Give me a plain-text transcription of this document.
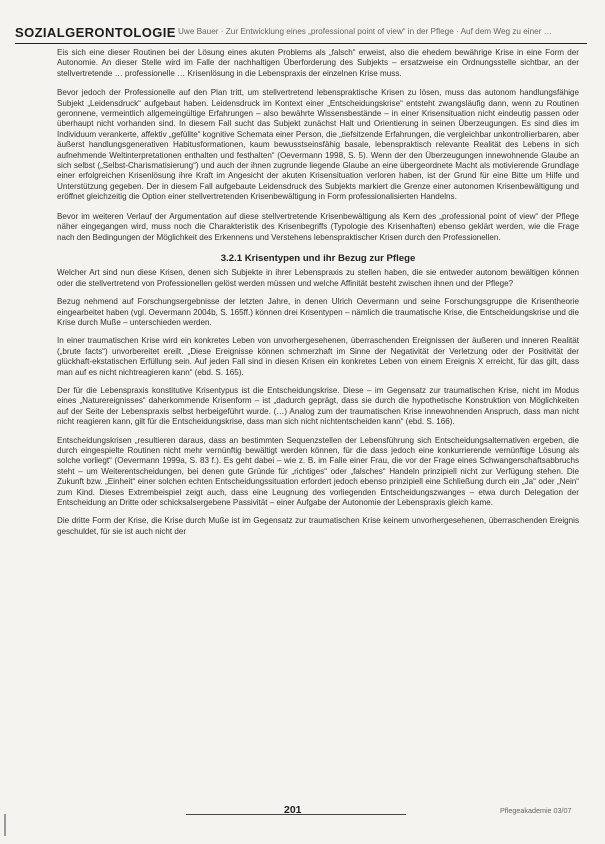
SOZIALGERONTOLOGIE Uwe Bauer · Zur Entwicklung eines „professional point of view“ in der Pflege · Auf dem Weg zu einer …

Eis sich eine dieser Routinen bei der Lösung eines akuten Problems als „falsch“ erweist, also die ehedem bewährige Krise in eine Form der Autonomie. An dieser Stelle wird im Falle der nachhaltigen Überforderung des Subjekts – ersatzweise ein Ordnungsstelle sichtbar, an der stellvertretende … professionelle … Krisenlösung in die Lebenspraxis der einzelnen Krise muss.

Bevor jedoch der Professionelle auf den Plan tritt, um stellvertretend lebenspraktische Krisen zu lösen, muss das autonom handlungsfähige Subjekt „Leidensdruck“ aufgebaut haben. Leidensdruck im Kontext einer „Entscheidungskrise“ entsteht zwangsläufig dann, wenn zu Routinen geronnene, vermeintlich allgemeingültige Erfahrungen – also bewährte Wissensbestände – in einer Krisensituation nicht eindeutig passen oder überhaupt nicht vorhanden sind. In diesem Fall sucht das Subjekt zunächst Halt und Orientierung in seinen Überzeugungen. Es sind dies im Individuum verankerte, affektiv „gefüllte“ kognitive Schemata einer Person, die „tiefsitzende Erfahrungen, die vergleichbar unkontrollierbaren, aber äußerst handlungsgenerativen Habitusformationen, kaum bewusstseinsfähig basale, lebenspraktisch relevante Realität des Lebens in sich aufnehmende Weltinterpretationen enthalten und festhalten“ (Oevermann 1998, S. 5). Wenn der den Überzeugungen innewohnende Glaube an sich selbst („Selbst-Charismatisierung“) und auch der ihnen zugrunde liegende Glaube an eine übergeordnete Macht als motivierende Grundlage einer erfolgreichen Krisenlösung ihre Kraft im Angesicht der akuten Krisensituation verloren haben, ist der Grund für eine Bitte um Hilfe und Unterstützung gegeben. Der in diesem Fall aufgebaute Leidensdruck des Subjekts markiert die Grenze einer autonomen Krisenbewältigung und eröffnet gleichzeitig die Option einer stellvertretenden Krisenbewältigung in Form professionalisierten Handelns.

Bevor im weiteren Verlauf der Argumentation auf diese stellvertretende Krisenbewältigung als Kern des „professional point of view“ der Pflege näher eingegangen wird, muss noch die Charakteristik des Krisenbegriffs (Typologie des Krisenhaften) ebenso geklärt werden, wie die Frage nach den Bedingungen der Möglichkeit des Erkennens und Verstehens lebenspraktischer Krisen durch den Professionellen.

3.2.1 Krisentypen und ihr Bezug zur Pflege

Welcher Art sind nun diese Krisen, denen sich Subjekte in ihrer Lebenspraxis zu stellen haben, die sie entweder autonom bewältigen können oder die stellvertretend von Professionellen gelöst werden müssen und welche Affinität besteht zwischen ihnen und der Pflege?

Bezug nehmend auf Forschungsergebnisse der letzten Jahre, in denen Ulrich Oevermann und seine Forschungsgruppe die Krisentheorie eingearbeitet haben (vgl. Oevermann 2004b, S. 165ff.) können drei Krisentypen – nämlich die traumatische Krise, die Entscheidungskrise und die Krise durch Muße – unterschieden werden.

In einer traumatischen Krise wird ein konkretes Leben von unvorhergesehenen, überraschenden Ereignissen der äußeren und inneren Realität („brute facts“) unvorbereitet ereilt. „Diese Ereignisse können schmerzhaft im Sinne der Negativität der Verletzung oder der Positivität der glückhaft-ekstatischen Erfüllung sein. Auf jeden Fall sind in diesen Krisen ein konkretes Leben von einem Ereignis X erreicht, für das gilt, dass man auf es nicht nichtreagieren kann“ (ebd. S. 165).

Der für die Lebenspraxis konstitutive Krisentypus ist die Entscheidungskrise. Diese – im Gegensatz zur traumatischen Krise, nicht im Modus eines „Naturereignisses“ daherkommende Krisenform – ist „dadurch geprägt, dass sie durch die hypothetische Konstruktion von Möglichkeiten auf der Seite der Lebenspraxis selbst herbeigeführt wurde. (…) Analog zum der traumatischen Krise innewohnenden Anspruch, dass man nicht nicht reagieren kann, gilt für die Entscheidungskrise, dass man sich nicht nichtentscheiden kann“ (ebd. S. 166).

Entscheidungskrisen „resultieren daraus, dass an bestimmten Sequenzstellen der Lebensführung sich Entscheidungsalternativen ergeben, die durch eingespielte Routinen nicht mehr vernünftig bewältigt werden können, für die dass jedoch eine konkurrierende vernünftige Lösung als solche vorliegt“ (Oevermann 1999a, S. 83 f.). Es geht dabei – wie z. B. im Falle einer Frau, die vor der Frage eines Schwangerschaftsabbruchs steht – um Weiterentscheidungen, bei denen gute Gründe für „richtiges“ oder „falsches“ Handeln prinzipiell nicht zur Verfügung stehen. Die Zukunft bzw. „Einheit“ einer solchen echten Entscheidungssituation erfordert jedoch ebenso prinzipiell eine Schließung durch ein „Ja“ oder „Nein“ zum Kind. Dieses Extrembeispiel zeigt auch, dass eine Leugnung des vorliegenden Entscheidungszwanges – etwa durch Delegation der Entscheidung an Dritte oder schicksalsergebene Passivität – einer Aufgabe der Autonomie der Lebenspraxis gleich kame.

Die dritte Form der Krise, die Krise durch Muße ist im Gegensatz zur traumatischen Krise keinem unvorhergesehenen, überraschenden Ereignis geschuldet, für sie ist auch nicht der

201	Pflegeakademie 03/07
